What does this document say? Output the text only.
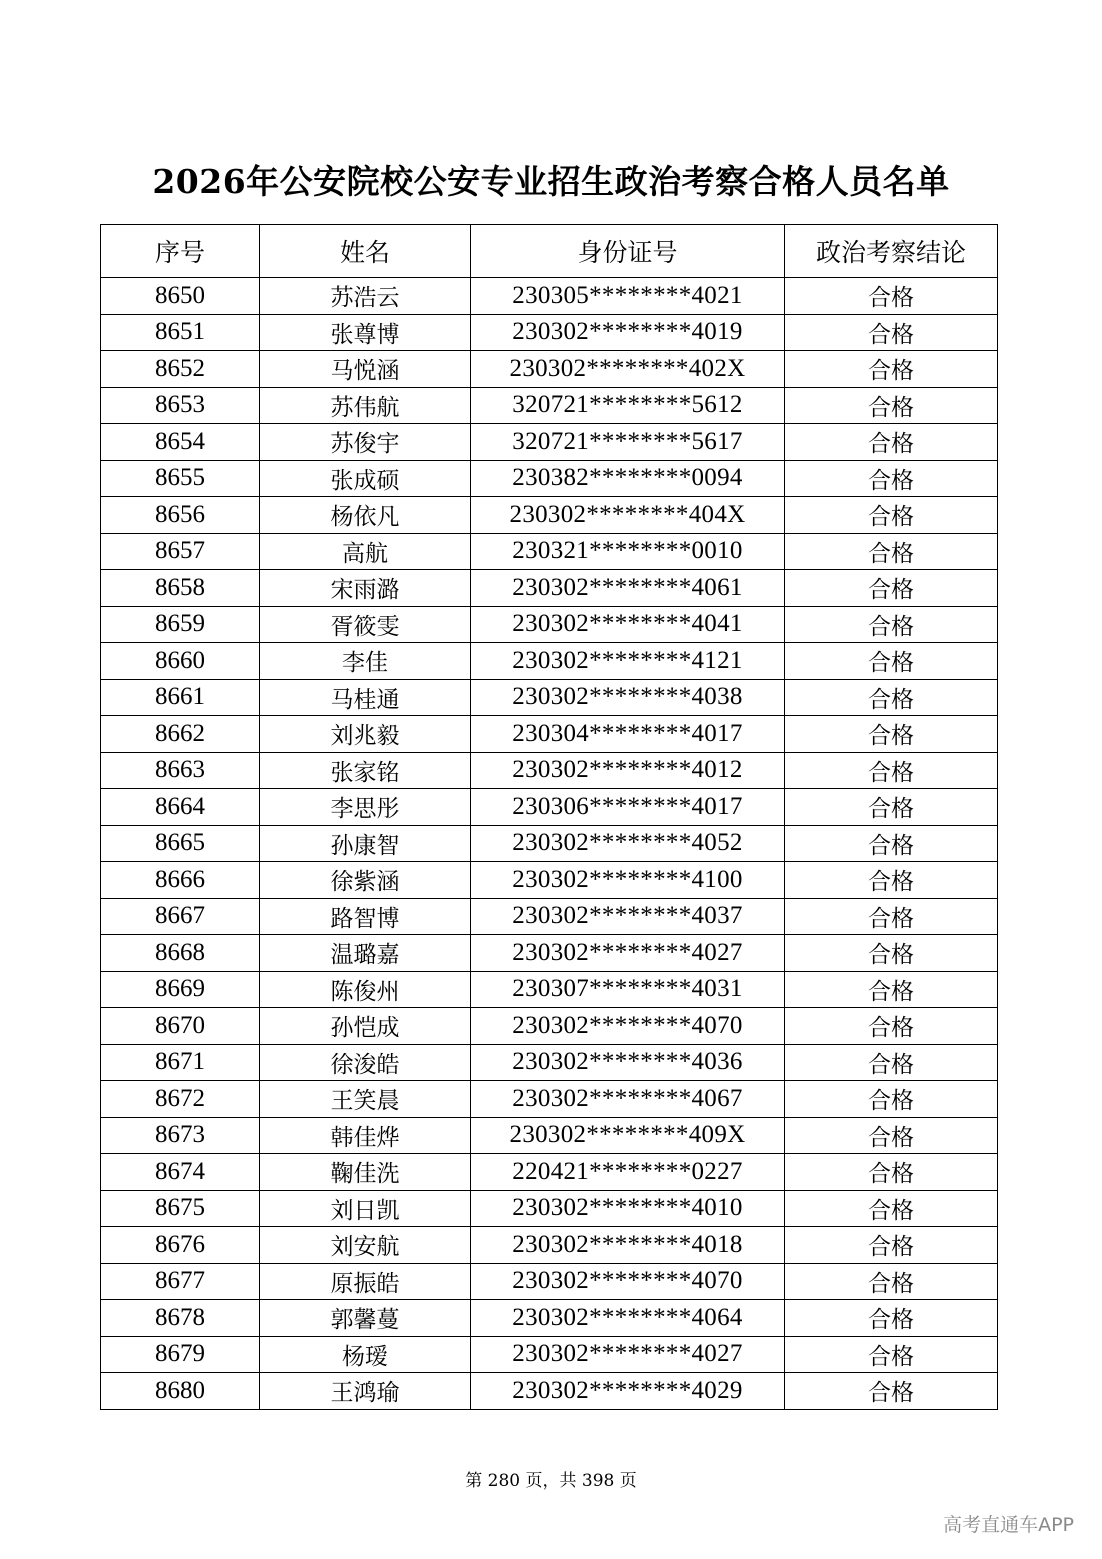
2026年公安院校公安专业招生政治考察合格人员名单
序号	姓名	身份证号	政治考察结论
8650	苏浩云	230305********4021	合格
8651	张尊博	230302********4019	合格
8652	马悦涵	230302********402X	合格
8653	苏伟航	320721********5612	合格
8654	苏俊宇	320721********5617	合格
8655	张成硕	230382********0094	合格
8656	杨依凡	230302********404X	合格
8657	高航	230321********0010	合格
8658	宋雨潞	230302********4061	合格
8659	胥筱雯	230302********4041	合格
8660	李佳	230302********4121	合格
8661	马桂通	230302********4038	合格
8662	刘兆毅	230304********4017	合格
8663	张家铭	230302********4012	合格
8664	李思彤	230306********4017	合格
8665	孙康智	230302********4052	合格
8666	徐紫涵	230302********4100	合格
8667	路智博	230302********4037	合格
8668	温璐嘉	230302********4027	合格
8669	陈俊州	230307********4031	合格
8670	孙恺成	230302********4070	合格
8671	徐浚皓	230302********4036	合格
8672	王笑晨	230302********4067	合格
8673	韩佳烨	230302********409X	合格
8674	鞠佳洗	220421********0227	合格
8675	刘日凯	230302********4010	合格
8676	刘安航	230302********4018	合格
8677	原振皓	230302********4070	合格
8678	郭馨蔓	230302********4064	合格
8679	杨瑷	230302********4027	合格
8680	王鸿瑜	230302********4029	合格
第 280 页，共 398 页
高考直通车APP
